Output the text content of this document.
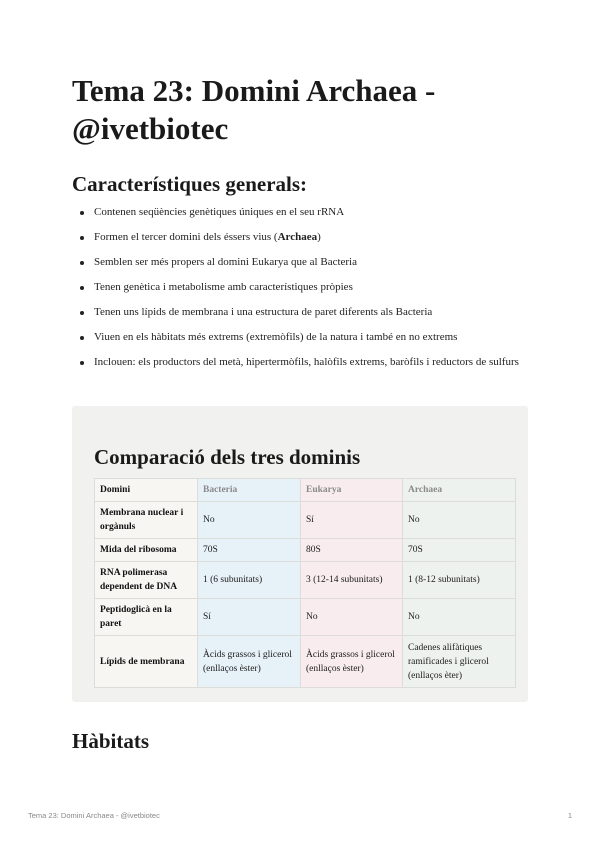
Tema 23: Domini Archaea - @ivetbiotec
Característiques generals:
Contenen seqüències genètiques úniques en el seu rRNA
Formen el tercer domini dels éssers vius (Archaea)
Semblen ser més propers al domini Eukarya que al Bacteria
Tenen genètica i metabolisme amb característiques pròpies
Tenen uns lípids de membrana i una estructura de paret diferents als Bacteria
Viuen en els hàbitats més extrems (extremòfils) de la natura i també en no extrems
Inclouen: els productors del metà, hipertermòfils, halòfils extrems, baròfils i reductors de sulfurs
Comparació dels tres dominis
Domini	Bacteria	Eukarya	Archaea
Membrana nuclear i orgànuls	No	Sí	No
Mida del ribosoma	70S	80S	70S
RNA polimerasa dependent de DNA	1 (6 subunitats)	3 (12-14 subunitats)	1 (8-12 subunitats)
Peptidoglicà en la paret	Sí	No	No
Lípids de membrana	Àcids grassos i glicerol (enllaços èster)	Àcids grassos i glicerol (enllaços èster)	Cadenes alifàtiques ramificades i glicerol (enllaços èter)
Hàbitats
Tema 23: Domini Archaea - @ivetbiotec	1
